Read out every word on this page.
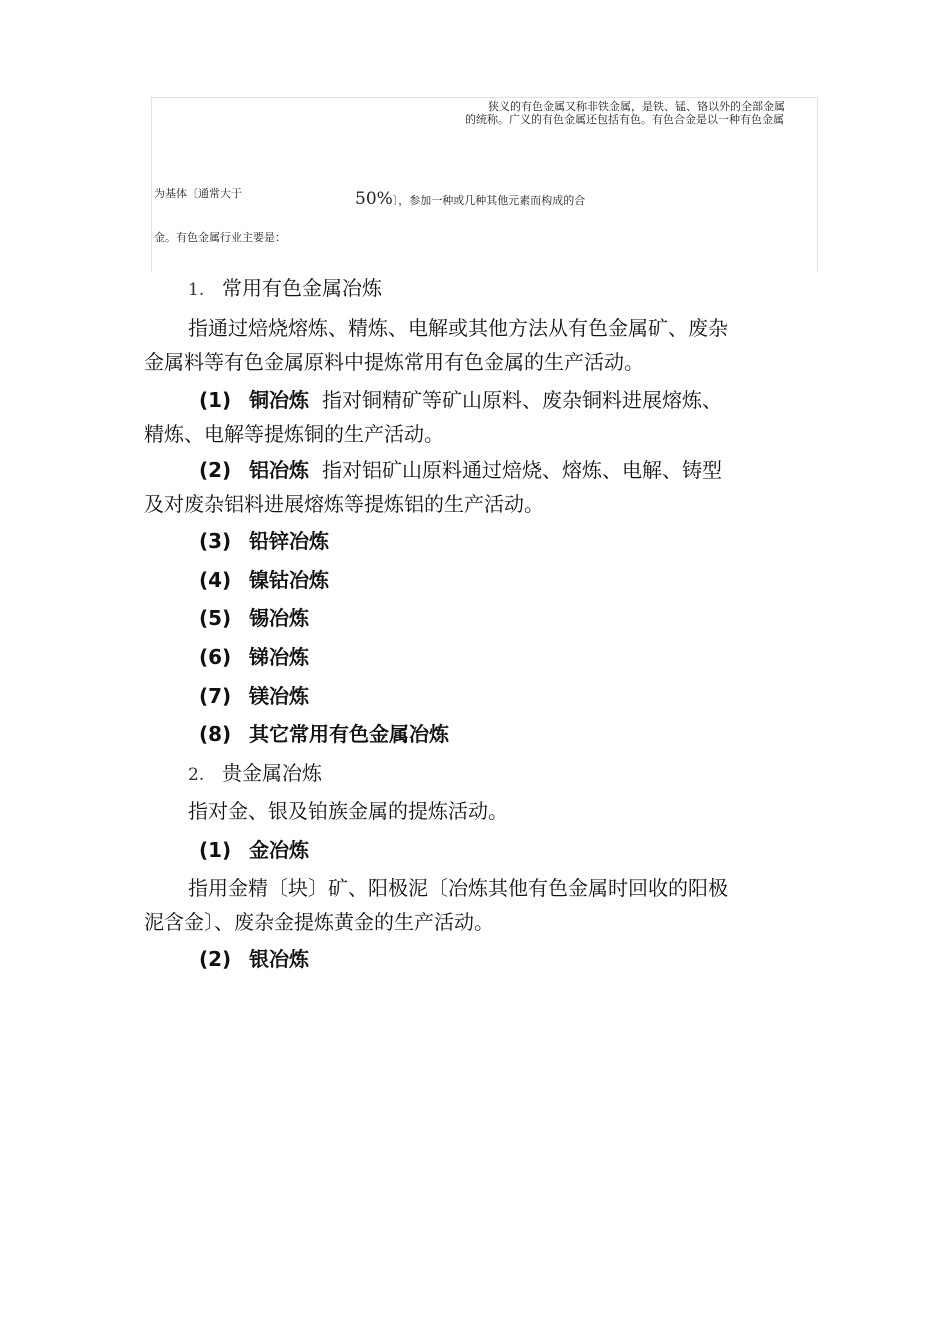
狭义的有色金属又称非铁金属，是铁、锰、铬以外的全部金属
的统称。广义的有色金属还包括有色。有色合金是以一种有色金属
为基体〔通常大于	50%〕，参加一种或几种其他元素而构成的合
金。有色金属行业主要是：
1. 常用有色金属冶炼
指通过焙烧熔炼、精炼、电解或其他方法从有色金属矿、废杂
金属料等有色金属原料中提炼常用有色金属的生产活动。
(1) 铜冶炼 指对铜精矿等矿山原料、废杂铜料进展熔炼、
精炼、电解等提炼铜的生产活动。
(2) 铝冶炼 指对铝矿山原料通过焙烧、熔炼、电解、铸型
及对废杂铝料进展熔炼等提炼铝的生产活动。
(3) 铅锌冶炼
(4) 镍钴冶炼
(5) 锡冶炼
(6) 锑冶炼
(7) 镁冶炼
(8) 其它常用有色金属冶炼
2. 贵金属冶炼
指对金、银及铂族金属的提炼活动。
(1) 金冶炼
指用金精〔块〕矿、阳极泥〔冶炼其他有色金属时回收的阳极
泥含金〕、废杂金提炼黄金的生产活动。
(2) 银冶炼
